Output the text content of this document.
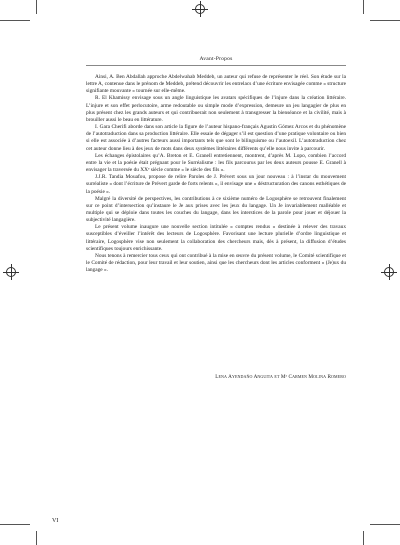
Avant-Propos

Ainsi, A. Ben Abdallah approche Abdelwahab Meddeb, un auteur qui refuse de représenter le réel. Son étude sur la lettre A, contenue dans le prénom de Meddeb, prétend découvrir les entrelacs d’une écriture envisagée comme « structure signifiante mouvante » tournée sur elle-même.

R. El Khamissy envisage sous un angle linguistique les avatars spécifiques de l’injure dans la création littéraire. L’injure et son effet perlocutoire, arme redoutable ou simple mode d’expression, demeure un jeu langagier de plus en plus présent chez les grands auteurs et qui contribuerait non seulement à transgresser la bienséance et la civilité, mais à brouiller aussi le beau en littérature.

I. Gara Cherifi aborde dans son article la figure de l’auteur hispano-français Agustín Gómez Arcos et du phénomène de l’autotraduction dans sa production littéraire. Elle essaie de dégager s’il est question d’une pratique volontaire ou bien si elle est associée à d’autres facteurs aussi importants tels que sont le bilinguisme ou l’autoexil. L’autotraduction chez cet auteur donne lieu à des jeux de mots dans deux systèmes littéraires différents qu’elle nous invite à parcourir.

Les échanges épistolaires qu’A. Breton et E. Granell entretiennent, montrent, d’après M. Lopo, combien l’accord entre la vie et la poésie était prégnant pour le Surréalisme : les fils parcourus par les deux auteurs pousse E. Granell à envisager la traversée du XXᵉ siècle comme « le siècle des fils ».

J.J.R. Tandia Mouafou, propose de relire Paroles de J. Prévert sous un jour nouveau : à l’instar du mouvement surréaliste « dont l’écriture de Prévert garde de forts relents », il envisage une « déstructuration des canons esthétiques de la poésie ».

Malgré la diversité de perspectives, les contributions à ce sixième numéro de Logosphère se retrouvent finalement sur ce point d’intersection qu’instaure le Je aux prises avec les jeux du langage. Un Je invariablement malléable et multiple qui se déploie dans toutes les couches du langage, dans les interstices de la parole pour jouer et déjouer la subjectivité langagière.

Le présent volume inaugure une nouvelle section intitulée « comptes rendus » destinée à relever des travaux susceptibles d’éveiller l’intérêt des lecteurs de Logosphère. Favorisant une lecture plurielle d’ordre linguistique et littéraire, Logosphère vise non seulement la collaboration des chercheurs mais, dès à présent, la diffusion d’études scientifiques toujours enrichissante.

Nous tenons à remercier tous ceux qui ont contribué à la mise en œuvre du présent volume, le Comité scientifique et le Comité de rédaction, pour leur travail et leur soutien, ainsi que les chercheurs dont les articles conforment « (Je)ux du langage ».

Lena Ayendaño Anguita et Mᵃ Carmen Molina Romero
VI
